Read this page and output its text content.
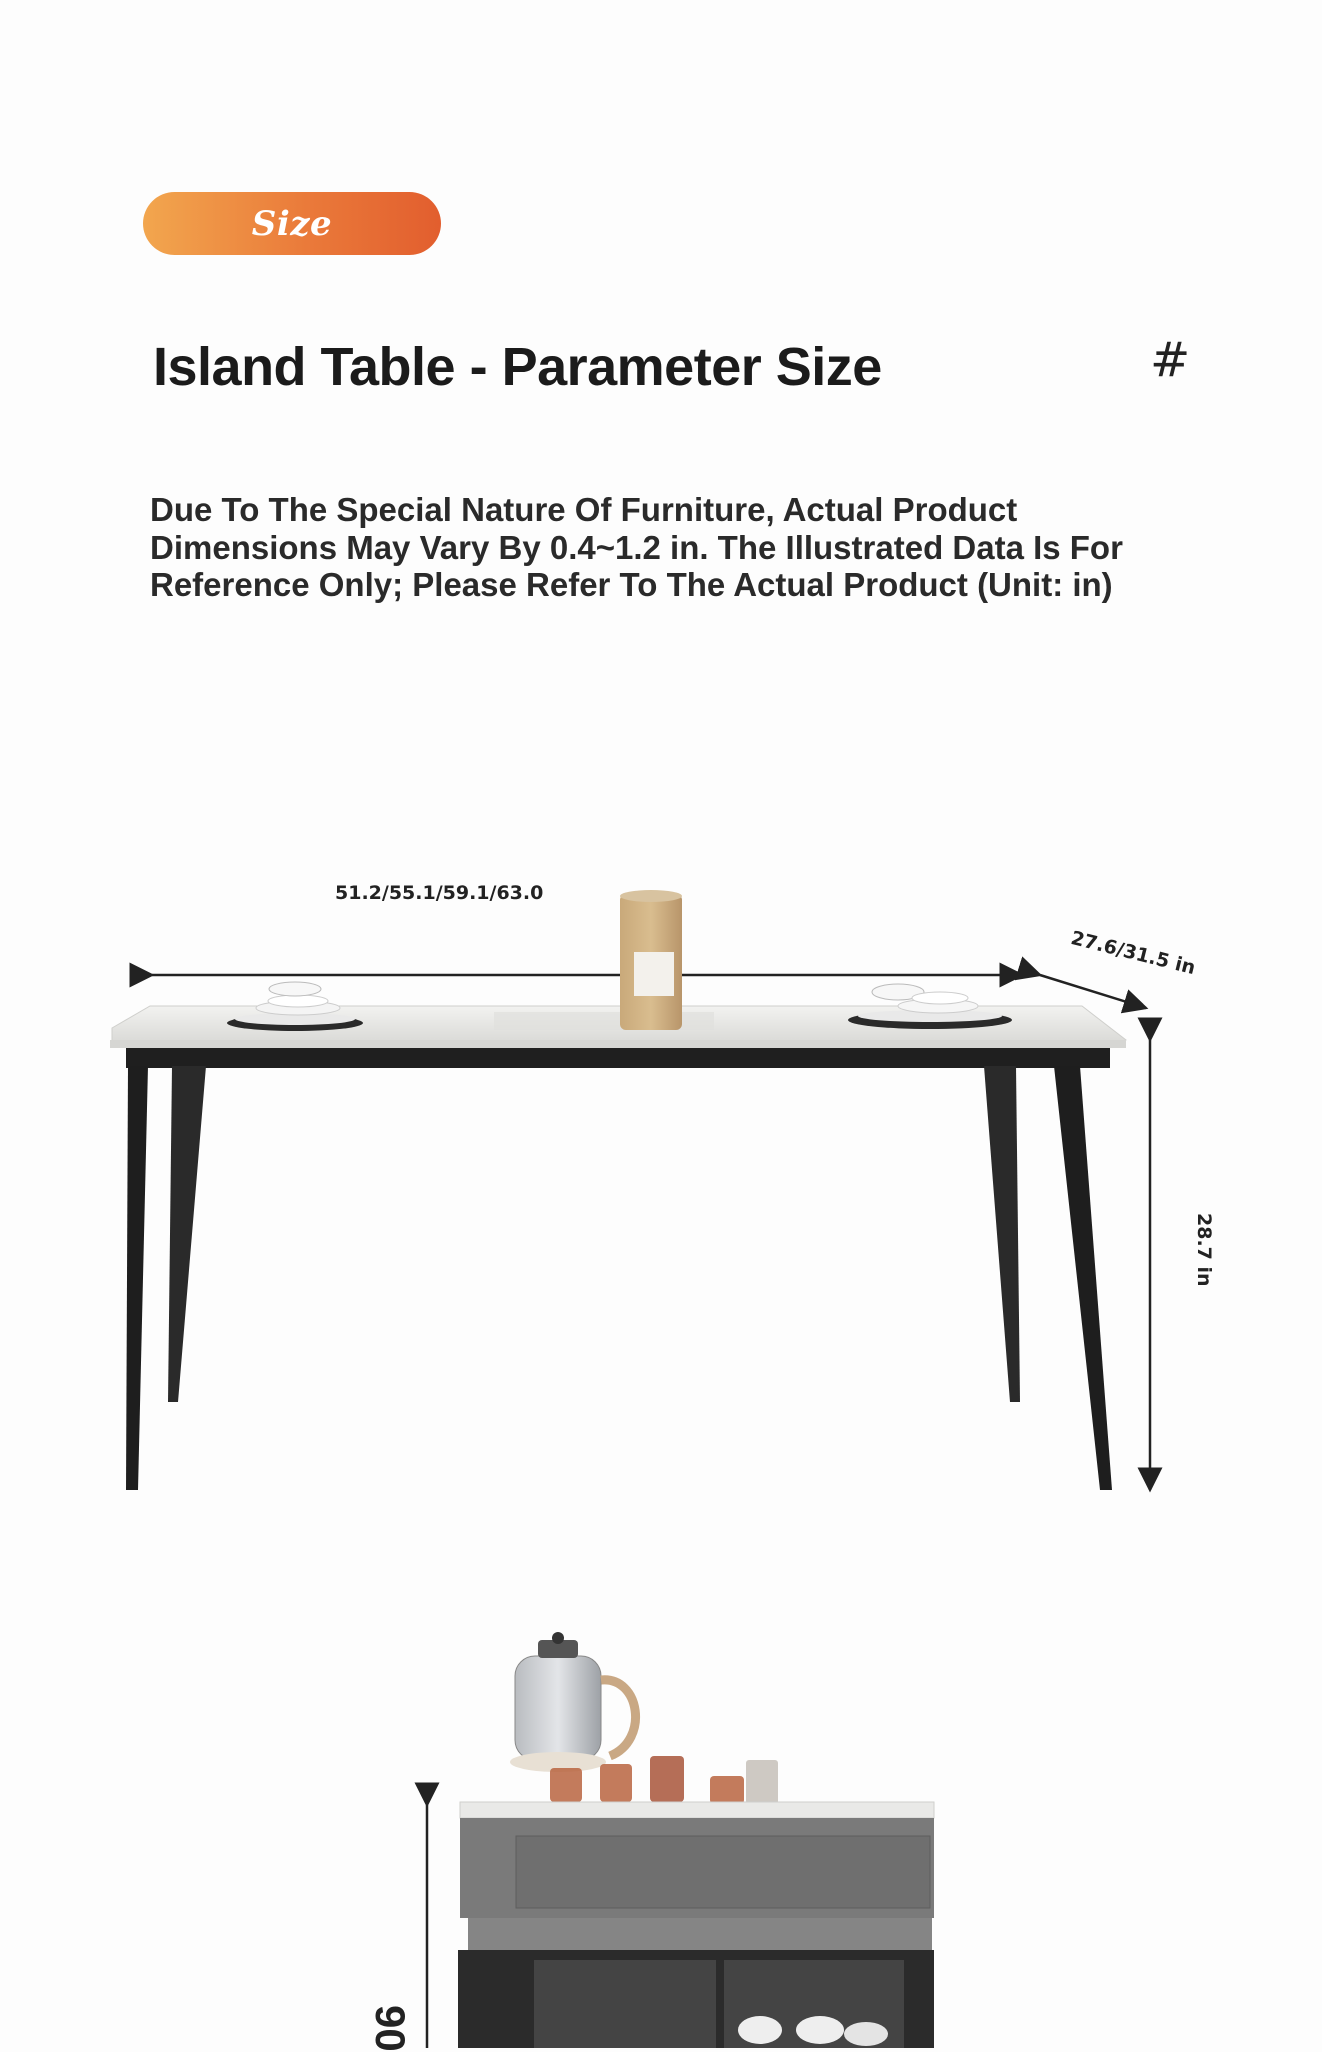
Size
Island Table - Parameter Size	#

Due To The Special Nature Of Furniture, Actual Product Dimensions May Vary By 0.4~1.2 in. The Illustrated Data Is For Reference Only; Please Refer To The Actual Product (Unit: in)

51.2/55.1/59.1/63.0
27.6/31.5 in
28.7 in
90
